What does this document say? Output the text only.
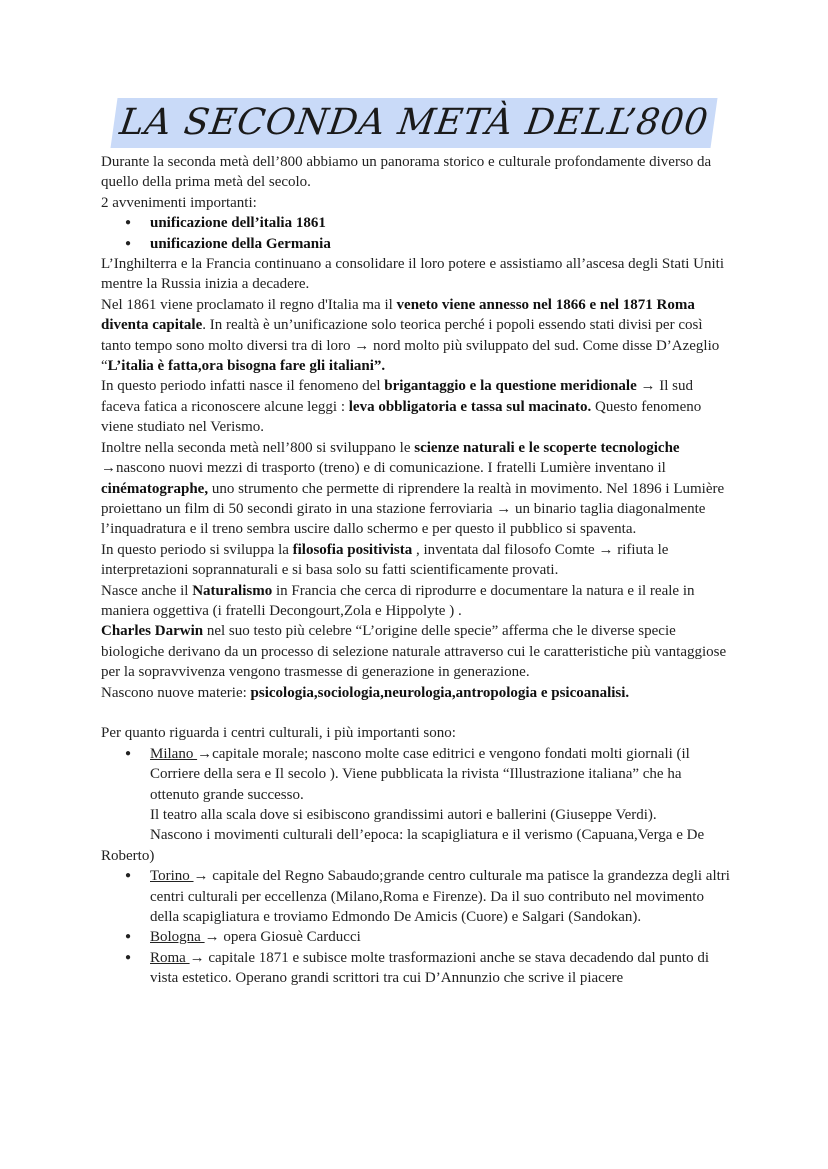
LA SECONDA METÀ DELL’800

Durante la seconda metà dell’800 abbiamo un panorama storico e culturale profondamente diverso da quello della prima metà del secolo.

2 avvenimenti importanti:

● unificazione dell’italia 1861
● unificazione della Germania

L’Inghilterra e la Francia continuano a consolidare il loro potere e assistiamo all’ascesa degli Stati Uniti mentre la Russia inizia a decadere.

Nel 1861 viene proclamato il regno d'Italia ma il veneto viene annesso nel 1866 e nel 1871 Roma diventa capitale. In realtà è un’unificazione solo teorica perché i popoli essendo stati divisi per così tanto tempo sono molto diversi tra di loro → nord molto più sviluppato del sud. Come disse D’Azeglio “L’italia è fatta,ora bisogna fare gli italiani”.

In questo periodo infatti nasce il fenomeno del brigantaggio e la questione meridionale → Il sud faceva fatica a riconoscere alcune leggi : leva obbligatoria e tassa sul macinato. Questo fenomeno viene studiato nel Verismo.

Inoltre nella seconda metà nell’800 si sviluppano le scienze naturali e le scoperte tecnologiche →nascono nuovi mezzi di trasporto (treno) e di comunicazione. I fratelli Lumière inventano il cinématographe, uno strumento che permette di riprendere la realtà in movimento. Nel 1896 i Lumière proiettano un film di 50 secondi girato in una stazione ferroviaria → un binario taglia diagonalmente l’inquadratura e il treno sembra uscire dallo schermo e per questo il pubblico si spaventa.

In questo periodo si sviluppa la filosofia positivista , inventata dal filosofo Comte → rifiuta le interpretazioni soprannaturali e si basa solo su fatti scientificamente provati.

Nasce anche il Naturalismo in Francia che cerca di riprodurre e documentare la natura e il reale in maniera oggettiva (i fratelli Decongourt,Zola e Hippolyte ) .

Charles Darwin nel suo testo più celebre “L’origine delle specie” afferma che le diverse specie biologiche derivano da un processo di selezione naturale attraverso cui le caratteristiche più vantaggiose per la sopravvivenza vengono trasmesse di generazione in generazione.

Nascono nuove materie: psicologia,sociologia,neurologia,antropologia e psicoanalisi.

Per quanto riguarda i centri culturali, i più importanti sono:

● Milano →capitale morale; nascono molte case editrici e vengono fondati molti giornali (il Corriere della sera e Il secolo ). Viene pubblicata la rivista “Illustrazione italiana” che ha ottenuto grande successo.
Il teatro alla scala dove si esibiscono grandissimi autori e ballerini (Giuseppe Verdi).
Nascono i movimenti culturali dell’epoca: la scapigliatura e il verismo (Capuana,Verga e De
Roberto)
● Torino → capitale del Regno Sabaudo;grande centro culturale ma patisce la grandezza degli altri centri culturali per eccellenza (Milano,Roma e Firenze). Da il suo contributo nel movimento della scapigliatura e troviamo Edmondo De Amicis (Cuore) e Salgari (Sandokan).
● Bologna → opera Giosuè Carducci
● Roma → capitale 1871 e subisce molte trasformazioni anche se stava decadendo dal punto di vista estetico. Operano grandi scrittori tra cui D’Annunzio che scrive il piacere
